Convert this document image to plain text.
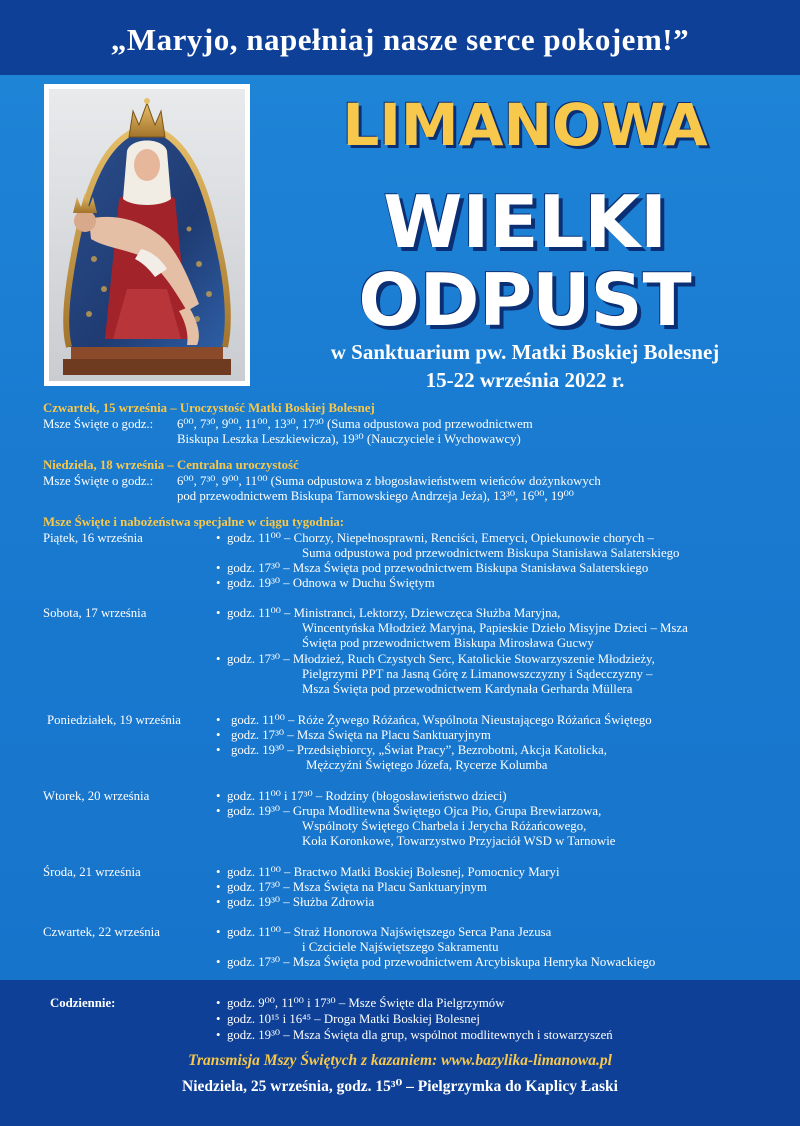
„Maryjo, napełniaj nasze serce pokojem!”
LIMANOWA
WIELKI
ODPUST
w Sanktuarium pw. Matki Boskiej Bolesnej
15-22 września 2022 r.
Czwartek, 15 września – Uroczystość Matki Boskiej Bolesnej
Msze Święte o godz.: 6⁰⁰, 7³⁰, 9⁰⁰, 11⁰⁰, 13³⁰, 17³⁰ (Suma odpustowa pod przewodnictwem
Biskupa Leszka Leszkiewicza), 19³⁰ (Nauczyciele i Wychowawcy)
Niedziela, 18 września – Centralna uroczystość
Msze Święte o godz.: 6⁰⁰, 7³⁰, 9⁰⁰, 11⁰⁰ (Suma odpustowa z błogosławieństwem wieńców dożynkowych
pod przewodnictwem Biskupa Tarnowskiego Andrzeja Jeża), 13³⁰, 16⁰⁰, 19⁰⁰
Msze Święte i nabożeństwa specjalne w ciągu tygodnia:
Piątek, 16 września	• godz. 11⁰⁰ – Chorzy, Niepełnosprawni, Renciści, Emeryci, Opiekunowie chorych –
Suma odpustowa pod przewodnictwem Biskupa Stanisława Salaterskiego
• godz. 17³⁰ – Msza Święta pod przewodnictwem Biskupa Stanisława Salaterskiego
• godz. 19³⁰ – Odnowa w Duchu Świętym
Sobota, 17 września	• godz. 11⁰⁰ – Ministranci, Lektorzy, Dziewczęca Służba Maryjna,
Wincentyńska Młodzież Maryjna, Papieskie Dzieło Misyjne Dzieci – Msza
Święta pod przewodnictwem Biskupa Mirosława Gucwy
• godz. 17³⁰ – Młodzież, Ruch Czystych Serc, Katolickie Stowarzyszenie Młodzieży,
Pielgrzymi PPT na Jasną Górę z Limanowszczyzny i Sądecczyzny –
Msza Święta pod przewodnictwem Kardynała Gerharda Müllera
Poniedziałek, 19 września	• godz. 11⁰⁰ – Róże Żywego Różańca, Wspólnota Nieustającego Różańca Świętego
• godz. 17³⁰ – Msza Święta na Placu Sanktuaryjnym
• godz. 19³⁰ – Przedsiębiorcy, „Świat Pracy”, Bezrobotni, Akcja Katolicka,
Mężczyźni Świętego Józefa, Rycerze Kolumba
Wtorek, 20 września	• godz. 11⁰⁰ i 17³⁰ – Rodziny (błogosławieństwo dzieci)
• godz. 19³⁰ – Grupa Modlitewna Świętego Ojca Pio, Grupa Brewiarzowa,
Wspólnoty Świętego Charbela i Jerycha Różańcowego,
Koła Koronkowe, Towarzystwo Przyjaciół WSD w Tarnowie
Środa, 21 września	• godz. 11⁰⁰ – Bractwo Matki Boskiej Bolesnej, Pomocnicy Maryi
• godz. 17³⁰ – Msza Święta na Placu Sanktuaryjnym
• godz. 19³⁰ – Służba Zdrowia
Czwartek, 22 września	• godz. 11⁰⁰ – Straż Honorowa Najświętszego Serca Pana Jezusa
i Czciciele Najświętszego Sakramentu
• godz. 17³⁰ – Msza Święta pod przewodnictwem Arcybiskupa Henryka Nowackiego
Codziennie:	• godz. 9⁰⁰, 11⁰⁰ i 17³⁰ – Msze Święte dla Pielgrzymów
• godz. 10¹⁵ i 16⁴⁵ – Droga Matki Boskiej Bolesnej
• godz. 19³⁰ – Msza Święta dla grup, wspólnot modlitewnych i stowarzyszeń
Transmisja Mszy Świętych z kazaniem: www.bazylika-limanowa.pl
Niedziela, 25 września, godz. 15³⁰ – Pielgrzymka do Kaplicy Łaski
